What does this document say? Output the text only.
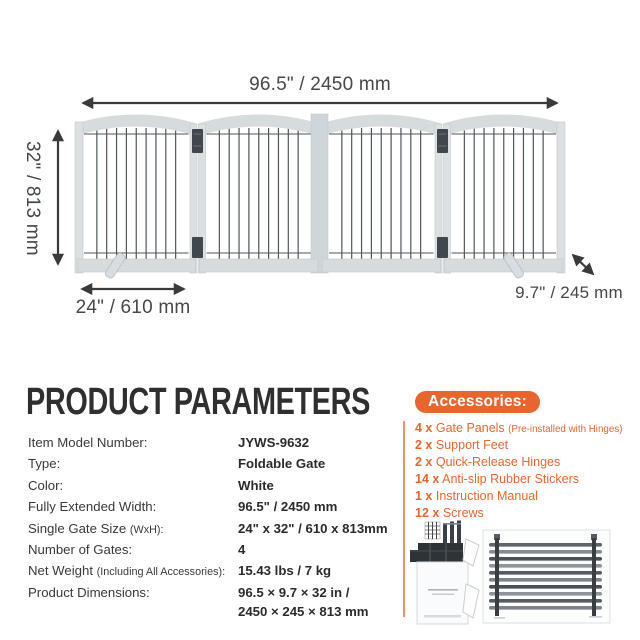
96.5" / 2450 mm
32" / 813 mm
24" / 610 mm
9.7" / 245 mm
PRODUCT PARAMETERS
Item Model Number:	JYWS-9632
Type:	Foldable Gate
Color:	White
Fully Extended Width:	96.5" / 2450 mm
Single Gate Size (WxH):	24" x 32" / 610 x 813mm
Number of Gates:	4
Net Weight (Including All Accessories): 15.43 lbs / 7 kg
Product Dimensions:	96.5 × 9.7 × 32 in /
2450 × 245 × 813 mm
Accessories:
4 x Gate Panels (Pre-installed with Hinges)
2 x Support Feet
2 x Quick-Release Hinges
14 x Anti-slip Rubber Stickers
1 x Instruction Manual
12 x Screws
